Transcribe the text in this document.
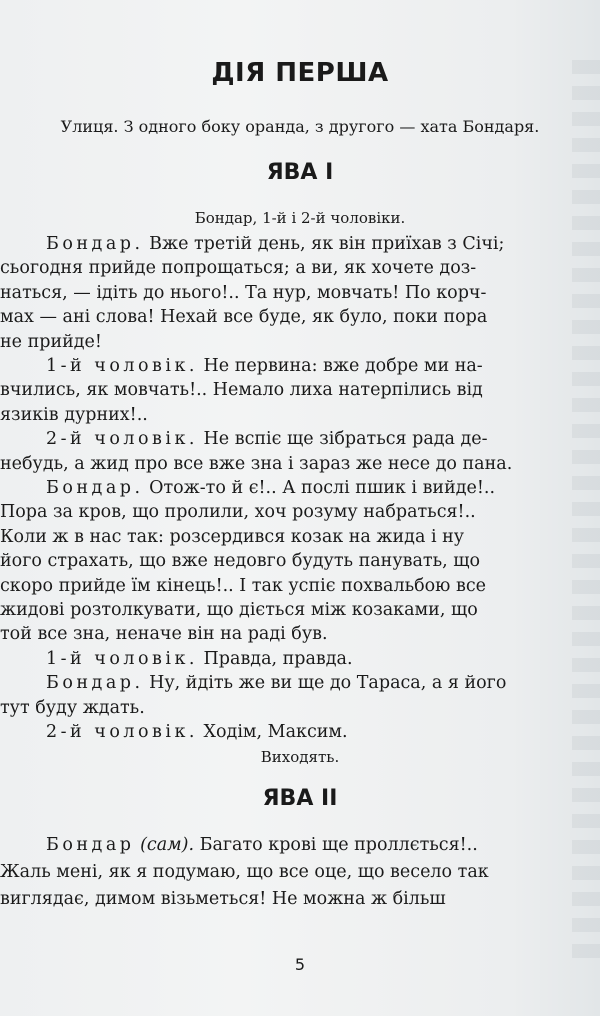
ДІЯ ПЕРША
Улиця. З одного боку оранда, з другого — хата Бондаря.
ЯВА І
Бондар, 1-й і 2-й чоловіки.
Бондар. Вже третій день, як він приїхав з Січі;
сьогодня прийде попрощаться; а ви, як хочете доз-
наться, — ідіть до нього!.. Та нур, мовчать! По корч-
мах — ані слова! Нехай все буде, як було, поки пора
не прийде!
1-й чоловік. Не первина: вже добре ми на-
вчились, як мовчать!.. Немало лиха натерпілись від
язиків дурних!..
2-й чоловік. Не вспіє ще зібраться рада де-
небудь, а жид про все вже зна і зараз же несе до пана.
Бондар. Отож-то й є!.. А послі пшик і вийде!..
Пора за кров, що пролили, хоч розуму набраться!..
Коли ж в нас так: розсердився козак на жида і ну
його страхать, що вже недовго будуть панувать, що
скоро прийде їм кінець!.. І так успіє похвальбою все
жидові розтолкувати, що діється між козаками, що
той все зна, неначе він на раді був.
1-й чоловік. Правда, правда.
Бондар. Ну, йдіть же ви ще до Тараса, а я його
тут буду ждать.
2-й чоловік. Ходім, Максим.
Виходять.
ЯВА ІІ
Бондар (сам). Багато крові ще проллється!..
Жаль мені, як я подумаю, що все оце, що весело так
виглядає, димом візьметься! Не можна ж більш
5
